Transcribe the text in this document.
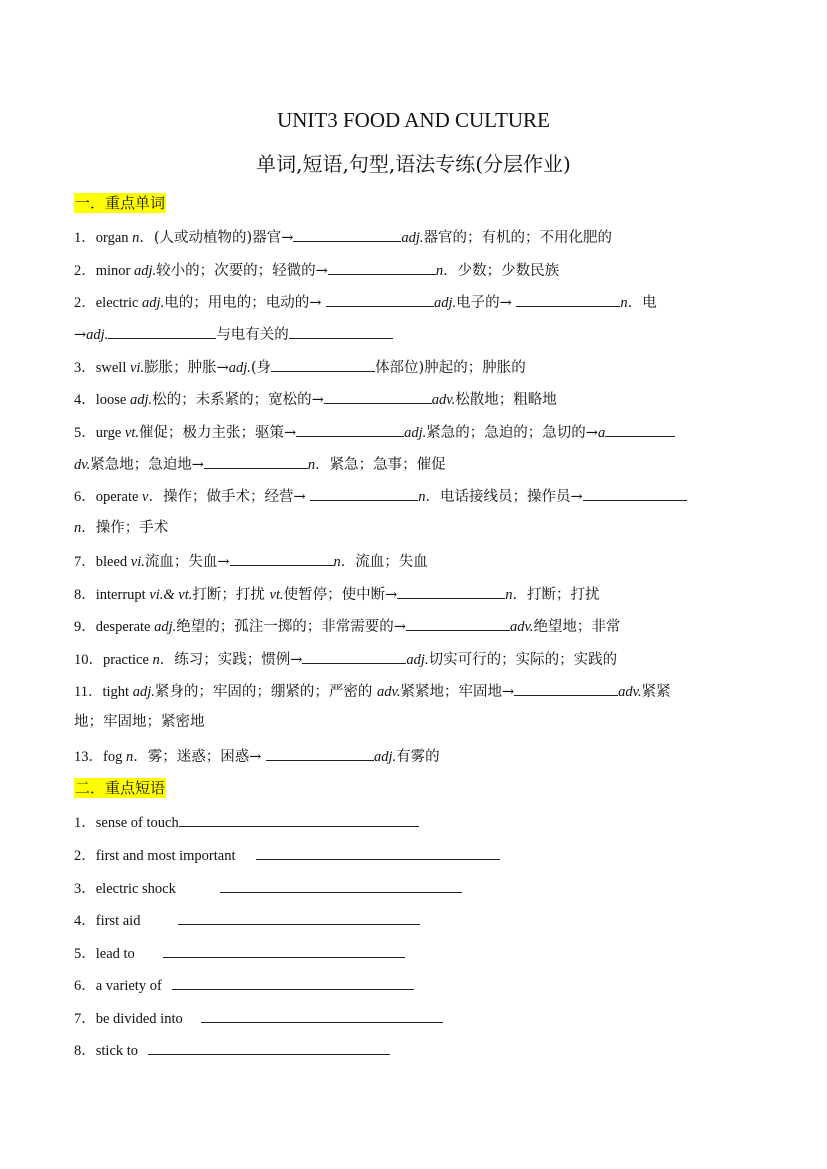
UNIT3 FOOD AND CULTURE
单词,短语,句型,语法专练(分层作业)
一．重点单词
1．organ n．(人或动植物的)器官→	adj.器官的；有机的；不用化肥的
2．minor adj.较小的；次要的；轻微的→	n．少数；少数民族
2．electric adj.电的；用电的；电动的→	adj.电子的→	n．电
→adj.	与电有关的
3．swell vi.膨胀；肿胀→adj.(身	体部位)肿起的；肿胀的
4．loose adj.松的；未系紧的；宽松的→	adv.松散地；粗略地
5．urge vt.催促；极力主张；驱策→	adj.紧急的；急迫的；急切的→a
dv.紧急地；急迫地→	n．紧急；急事；催促
6．operate v．操作；做手术；经营→	n．电话接线员；操作员→
n．操作；手术
7．bleed vi.流血；失血→	n．流血；失血
8．interrupt vi.& vt.打断；打扰 vt.使暂停；使中断→	n．打断；打扰
9．desperate adj.绝望的；孤注一掷的；非常需要的→	adv.绝望地；非常
10．practice n．练习；实践；惯例→	adj.切实可行的；实际的；实践的
11．tight adj.紧身的；牢固的；绷紧的；严密的 adv.紧紧地；牢固地→	adv.紧紧
地；牢固地；紧密地
13．fog n．雾；迷惑；困惑→	adj.有雾的
二．重点短语
1．sense of touch
2．first and most important
3．electric shock
4．first aid
5．lead to
6．a variety of
7．be divided into
8．stick to
